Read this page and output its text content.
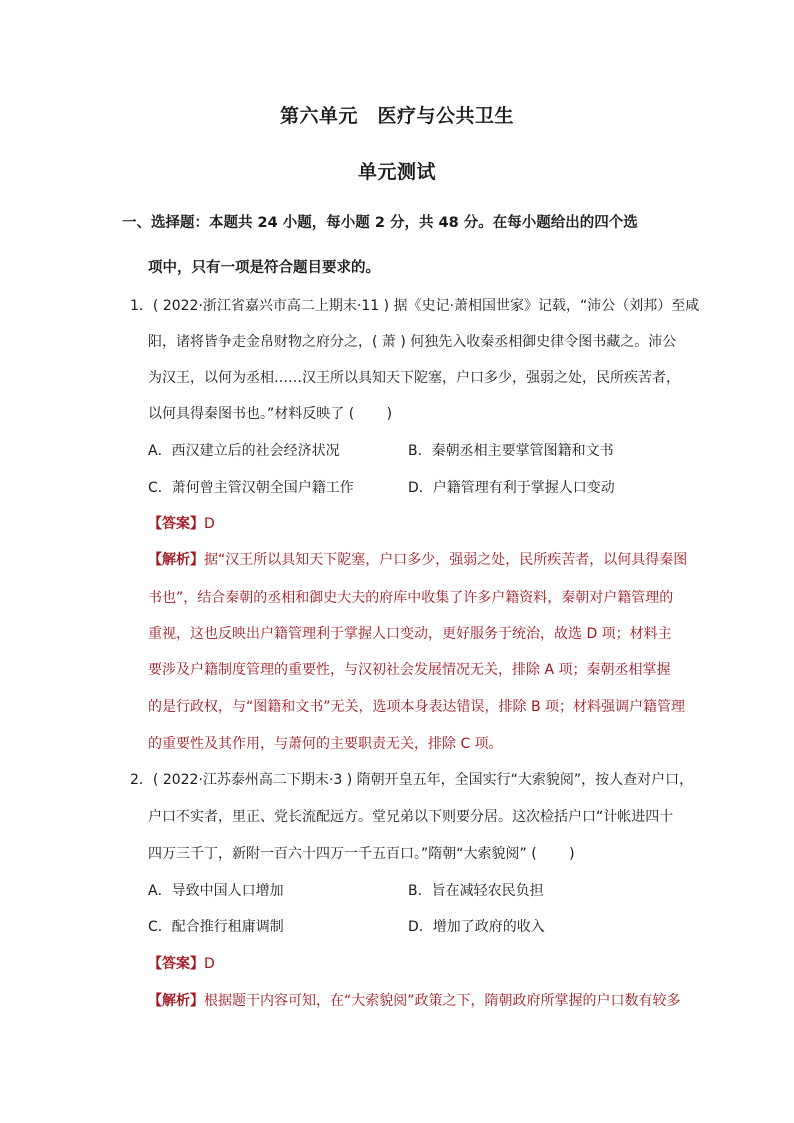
第六单元　医疗与公共卫生
单元测试
一、选择题：本题共 24 小题，每小题 2 分，共 48 分。在每小题给出的四个选
项中，只有一项是符合题目要求的。
1．( 2022·浙江省嘉兴市高二上期末·11 ) 据《史记·萧相国世家》记载，“沛公（刘邦）至咸
阳，诸将皆争走金帛财物之府分之，( 萧 ) 何独先入收秦丞相御史律令图书藏之。沛公
为汉王，以何为丞相……汉王所以具知天下阸塞，户口多少，强弱之处，民所疾苦者，
以何具得秦图书也。”材料反映了 (　　 )
A．西汉建立后的社会经济状况	B．秦朝丞相主要掌管图籍和文书
C．萧何曾主管汉朝全国户籍工作	D．户籍管理有利于掌握人口变动
【答案】D
【解析】据“汉王所以具知天下阸塞，户口多少，强弱之处，民所疾苦者，以何具得秦图
书也”，结合秦朝的丞相和御史大夫的府库中收集了许多户籍资料，秦朝对户籍管理的
重视，这也反映出户籍管理利于掌握人口变动，更好服务于统治，故选 D 项；材料主
要涉及户籍制度管理的重要性，与汉初社会发展情况无关，排除 A 项；秦朝丞相掌握
的是行政权，与“图籍和文书”无关，选项本身表达错误，排除 B 项；材料强调户籍管理
的重要性及其作用，与萧何的主要职责无关，排除 C 项。
2．( 2022·江苏泰州高二下期末·3 ) 隋朝开皇五年，全国实行“大索貌阅”，按人查对户口，
户口不实者，里正、党长流配远方。堂兄弟以下则要分居。这次检括户口“计帐进四十
四万三千丁，新附一百六十四万一千五百口。”隋朝“大索貌阅” (　　 )
A．导致中国人口增加	B．旨在减轻农民负担
C．配合推行租庸调制	D．增加了政府的收入
【答案】D
【解析】根据题干内容可知，在“大索貌阅”政策之下，隋朝政府所掌握的户口数有较多
